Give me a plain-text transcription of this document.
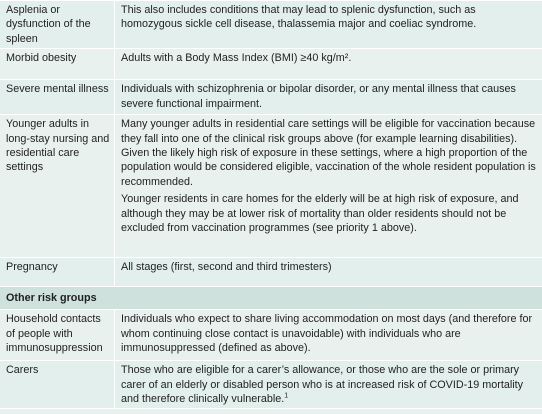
Asplenia or dysfunction of the spleen	This also includes conditions that may lead to splenic dysfunction, such as homozygous sickle cell disease, thalassemia major and coeliac syndrome.
Morbid obesity	Adults with a Body Mass Index (BMI) ≥40 kg/m².
Severe mental illness	Individuals with schizophrenia or bipolar disorder, or any mental illness that causes severe functional impairment.
Younger adults in long-stay nursing and residential care settings	Many younger adults in residential care settings will be eligible for vaccination because they fall into one of the clinical risk groups above (for example learning disabilities). Given the likely high risk of exposure in these settings, where a high proportion of the population would be considered eligible, vaccination of the whole resident population is recommended.

Younger residents in care homes for the elderly will be at high risk of exposure, and although they may be at lower risk of mortality than older residents should not be excluded from vaccination programmes (see priority 1 above).

Pregnancy	All stages (first, second and third trimesters)
Other risk groups	
Household contacts of people with immunosuppression	Individuals who expect to share living accommodation on most days (and therefore for whom continuing close contact is unavoidable) with individuals who are immunosuppressed (defined as above).
Carers	Those who are eligible for a carer’s allowance, or those who are the sole or primary carer of an elderly or disabled person who is at increased risk of COVID-19 mortality and therefore clinically vulnerable.$^1$
